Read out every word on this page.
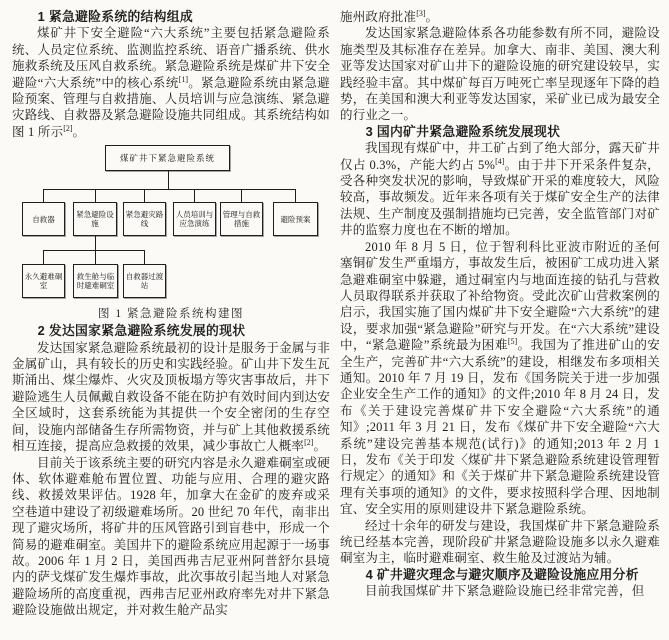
1 紧急避险系统的结构组成

煤矿井下安全避险“六大系统”主要包括紧急避险系统、人员定位系统、监测监控系统、语音广播系统、供水施救系统及压风自救系统。紧急避险系统是煤矿井下安全避险“六大系统”中的核心系统[1]。紧急避险系统由紧急避险预案、管理与自救措施、人员培训与应急演练、紧急避灾路线、自救器及紧急避险设施共同组成。其系统结构如图 1 所示[2]。

煤矿井下紧急避险系统
自救器
紧急避险设施
紧急避灾路线
人员培训与应急演练
管理与自救措施
避险预案
永久避难硐室
救生舱与临时避难硐室
自救器过渡站
图 1 紧急避险系统构建图
2 发达国家紧急避险系统发展的现状

发达国家紧急避险系统最初的设计是服务于金属与非金属矿山，具有较长的历史和实践经验。矿山井下发生瓦斯涌出、煤尘爆炸、火灾及顶板塌方等灾害事故后，井下避险逃生人员佩戴自救设备不能在防护有效时间内到达安全区域时，这套系统能为其提供一个安全密闭的生存空间，设施内部储备生存所需物资，并与矿上其他救援系统相互连接，提高应急救援的效果，减少事故亡人概率[2]。

目前关于该系统主要的研究内容是永久避难硐室或硬体、软体避难舱布置位置、功能与应用、合理的避灾路线、救援效果评估。1928 年，加拿大在金矿的废弃或采空巷道中建设了初级避难场所。20 世纪 70 年代，南非出现了避灾场所，将矿井的压风管路引到盲巷中，形成一个简易的避难硐室。美国井下的避险系统应用起源于一场事故。2006 年 1 月 2 日，美国西弗吉尼亚州阿普舒尔县境内的萨戈煤矿发生爆炸事故，此次事故引起当地人对紧急避险场所的高度重视，西弗吉尼亚州政府率先对井下紧急避险设施做出规定，并对救生舱产品实

施州政府批准[3]。

发达国家紧急避险体系各功能参数有所不同，避险设施类型及其标准存在差异。加拿大、南非、美国、澳大利亚等发达国家对矿山井下的避险设施的研究建设较早，实践经验丰富。其中煤矿每百万吨死亡率呈现逐年下降的趋势，在美国和澳大利亚等发达国家，采矿业已成为最安全的行业之一。

3 国内矿井紧急避险系统发展现状

我国现有煤矿中，井工矿占到了绝大部分，露天矿井仅占 0.3%，产能大约占 5%[4]。由于井下开采条件复杂，受各种突发状况的影响，导致煤矿开采的难度较大，风险较高，事故频发。近年来各项有关于煤矿安全生产的法律法规、生产制度及强制措施均已完善，安全监管部门对矿井的监察力度也在不断的增加。

2010 年 8 月 5 日，位于智利科比亚波市附近的圣何塞铜矿发生严重塌方，事故发生后，被困矿工成功进入紧急避难硐室中躲避，通过硐室内与地面连接的钻孔与营救人员取得联系并获取了补给物资。受此次矿山营救案例的启示，我国实施了国内煤矿井下安全避险“六大系统”的建设，要求加强“紧急避险”研究与开发。在“六大系统”建设中，“紧急避险”系统最为困难[5]。我国为了推进矿山的安全生产，完善矿井“六大系统”的建设，相继发布多项相关通知。2010 年 7 月 19 日，发布《国务院关于进一步加强企业安全生产工作的通知》的文件;2010 年 8 月 24 日，发布《关于建设完善煤矿井下安全避险“六大系统”的通知》;2011 年 3 月 21 日，发布《煤矿井下安全避险“六大系统”建设完善基本规范(试行)》的通知;2013 年 2 月 1 日，发布《关于印发〈煤矿井下紧急避险系统建设管理暂行规定〉的通知》和《关于煤矿井下紧急避险系统建设管理有关事项的通知》的文件，要求按照科学合理、因地制宜、安全实用的原则建设井下紧急避险系统。

经过十余年的研发与建设，我国煤矿井下紧急避险系统已经基本完善，现阶段矿井紧急避险设施多以永久避难硐室为主，临时避难硐室、救生舱及过渡站为辅。

4 矿井避灾理念与避灾顺序及避险设施应用分析

目前我国煤矿井下紧急避险设施已经非常完善，但
